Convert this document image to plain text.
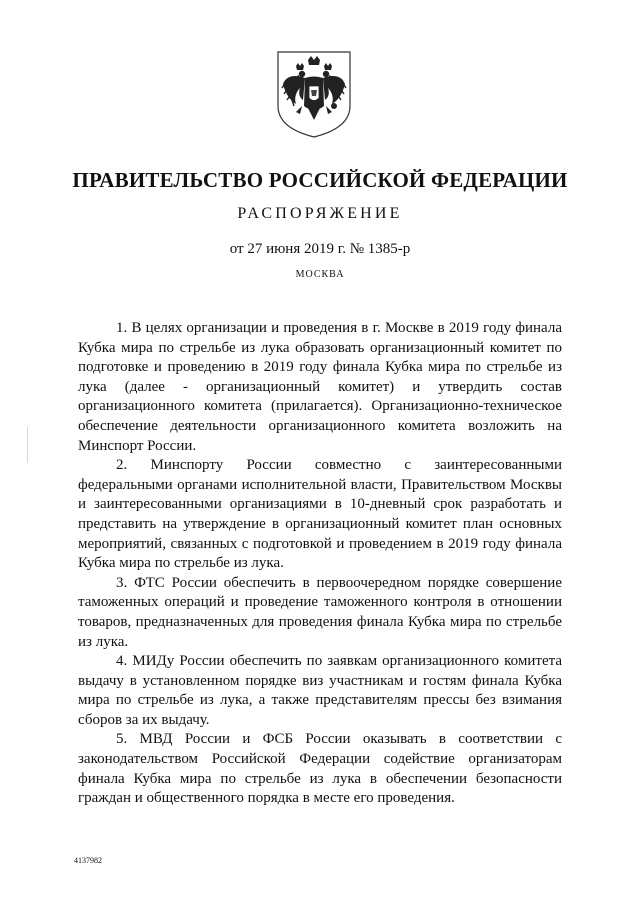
ПРАВИТЕЛЬСТВО РОССИЙСКОЙ ФЕДЕРАЦИИ
РАСПОРЯЖЕНИЕ
от 27 июня 2019 г. № 1385-р
МОСКВА

1. В целях организации и проведения в г. Москве в 2019 году финала Кубка мира по стрельбе из лука образовать организационный комитет по подготовке и проведению в 2019 году финала Кубка мира по стрельбе из лука (далее - организационный комитет) и утвердить состав организационного комитета (прилагается). Организационно-техническое обеспечение деятельности организационного комитета возложить на Минспорт России.

2. Минспорту России совместно с заинтересованными федеральными органами исполнительной власти, Правительством Москвы и заинтересованными организациями в 10-дневный срок разработать и представить на утверждение в организационный комитет план основных мероприятий, связанных с подготовкой и проведением в 2019 году финала Кубка мира по стрельбе из лука.

3. ФТС России обеспечить в первоочередном порядке совершение таможенных операций и проведение таможенного контроля в отношении товаров, предназначенных для проведения финала Кубка мира по стрельбе из лука.

4. МИДу России обеспечить по заявкам организационного комитета выдачу в установленном порядке виз участникам и гостям финала Кубка мира по стрельбе из лука, а также представителям прессы без взимания сборов за их выдачу.

5. МВД России и ФСБ России оказывать в соответствии с законодательством Российской Федерации содействие организаторам финала Кубка мира по стрельбе из лука в обеспечении безопасности граждан и общественного порядка в месте его проведения.

4137982
